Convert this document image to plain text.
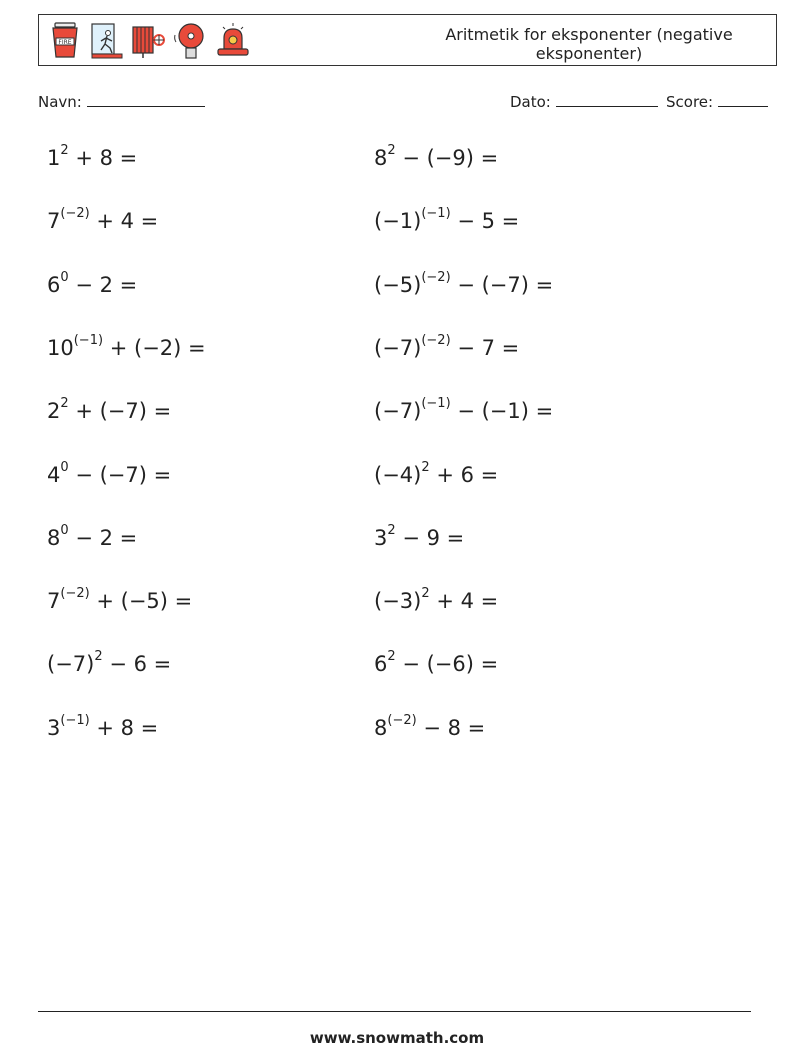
FIRE	Aritmetik for eksponenter (negative eksponenter)
Navn:	Dato:	Score:
$1^2 + 8$ =	$8^2 - (-9)$ =
$7^{(-2)} + 4$ =	$(-1)^{(-1)} - 5$ =
$6^0 - 2$ =	$(-5)^{(-2)} - (-7)$ =
$10^{(-1)} + (-2)$ =	$(-7)^{(-2)} - 7$ =
$2^2 + (-7)$ =	$(-7)^{(-1)} - (-1)$ =
$4^0 - (-7)$ =	$(-4)^2 + 6$ =
$8^0 - 2$ =	$3^2 - 9$ =
$7^{(-2)} + (-5)$ =	$(-3)^2 + 4$ =
$(-7)^2 - 6$ =	$6^2 - (-6)$ =
$3^{(-1)} + 8$ =	$8^{(-2)} - 8$ =
www.snowmath.com
